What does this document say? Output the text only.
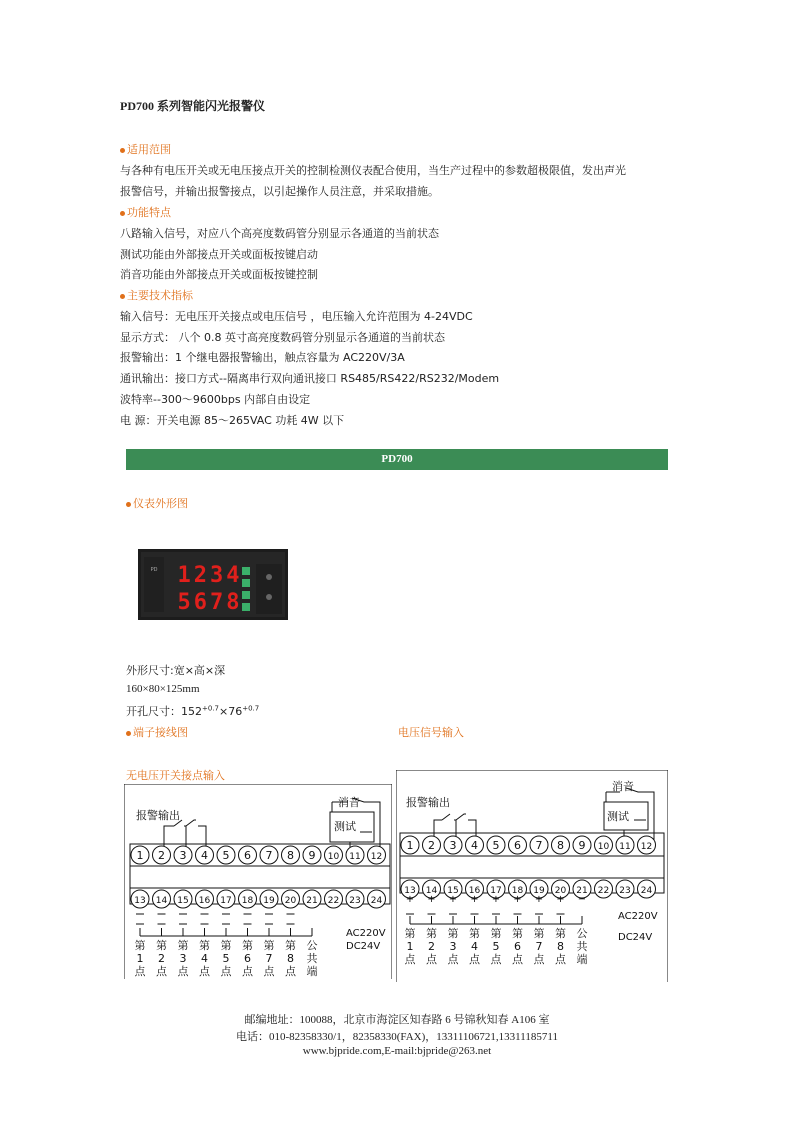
PD700 系列智能闪光报警仪
适用范围
与各种有电压开关或无电压接点开关的控制检测仪表配合使用，当生产过程中的参数超极限值，发出声光
报警信号，并输出报警接点，以引起操作人员注意，并采取措施。
功能特点
八路输入信号，对应八个高亮度数码管分别显示各通道的当前状态
测试功能由外部接点开关或面板按键启动
消音功能由外部接点开关或面板按键控制
主要技术指标
输入信号：无电压开关接点或电压信号 ，电压输入允许范围为 4-24VDC
显示方式： 八个 0.8 英寸高亮度数码管分别显示各通道的当前状态
报警输出：1 个继电器报警输出，触点容量为 AC220V/3A
通讯输出：接口方式--隔离串行双向通讯接口 RS485/RS422/RS232/Modem
波特率--300～9600bps 内部自由设定
电 源：开关电源 85～265VAC 功耗 4W 以下
PD700
仪表外形图
PD 1234
5678
外形尺寸:宽×高×深
160×80×125mm
开孔尺寸：$152^{+0.7}\times 76^{+0.7}$
端子接线图	电压信号输入
无电压开关接点输入
报警输出
消音
测试
1 2 3 4 5 6 7 8 9 10 11 12
13 14 15 16 17 18 19 20 21 22 23 24
第
1
点
第
2
点
第
3
点
第
4
点
第
5
点
第
6
点
第
7
点
第
8
点
公
共
端
AC220V
DC24V
报警输出
消音
测试
1 2 3 4 5 6 7 8 9 10 11 12
13 14 15 16 17 18 19 20 21 22 23 24
+
第
1
点
+
第
2
点
+
第
3
点
+
第
4
点
+
第
5
点
+
第
6
点
+
第
7
点
+
第
8
点
−
公
共
端
AC220V
DC24V
邮编地址：100088，北京市海淀区知春路 6 号锦秋知春 A106 室
电话：010-82358330/1，82358330(FAX)，13311106721,13311185711
www.bjpride.com,E-mail:bjpride@263.net
